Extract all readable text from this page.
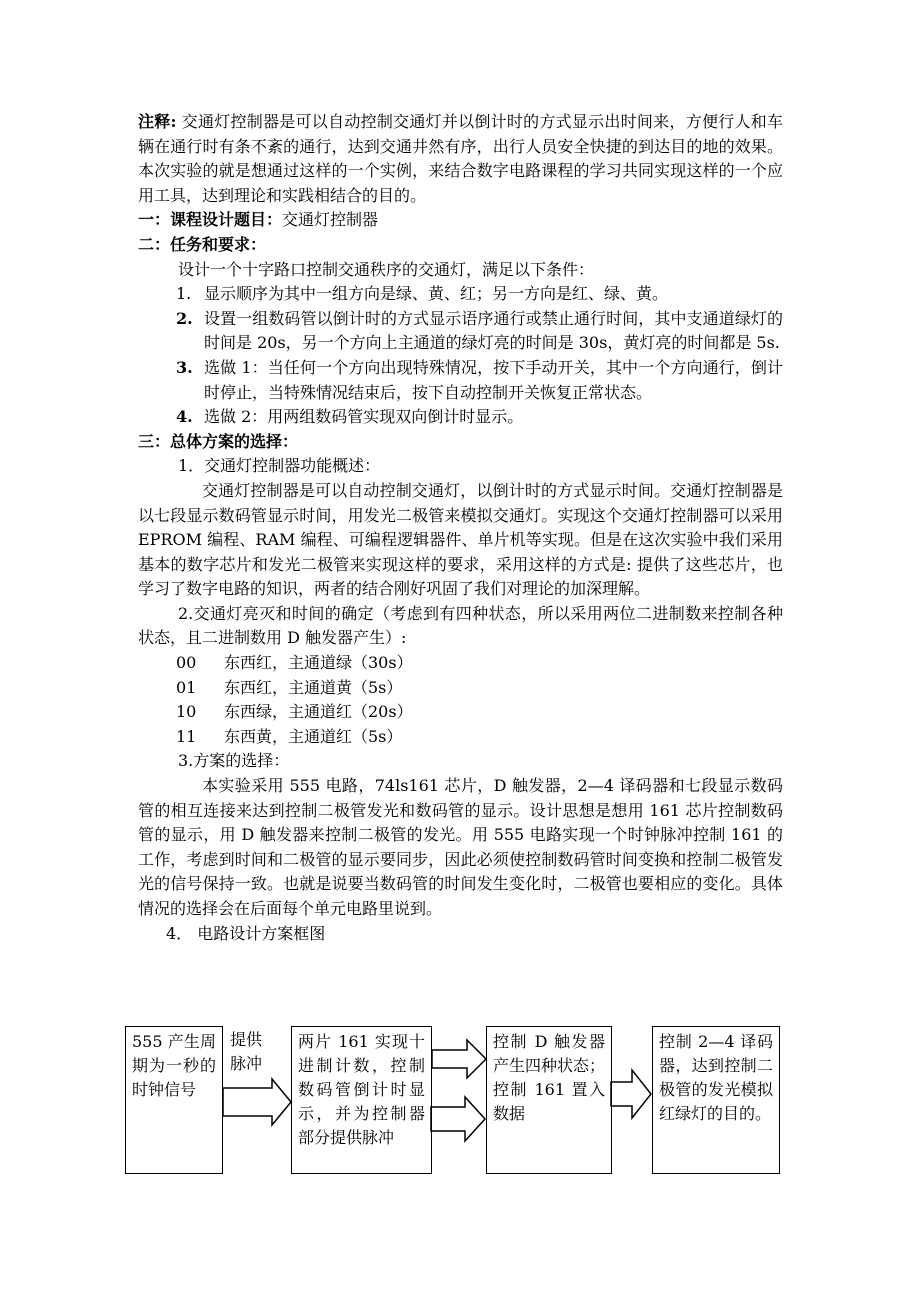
注释: 交通灯控制器是可以自动控制交通灯并以倒计时的方式显示出时间来，方便行人和车辆在通行时有条不紊的通行，达到交通井然有序，出行人员安全快捷的到达目的地的效果。本次实验的就是想通过这样的一个实例，来结合数字电路课程的学习共同实现这样的一个应用工具，达到理论和实践相结合的目的。

一：课程设计题目：交通灯控制器

二：任务和要求：

设计一个十字路口控制交通秩序的交通灯，满足以下条件：

1. 显示顺序为其中一组方向是绿、黄、红；另一方向是红、绿、黄。
2. 设置一组数码管以倒计时的方式显示语序通行或禁止通行时间，其中支通道绿灯的时间是 20s，另一个方向上主通道的绿灯亮的时间是 30s，黄灯亮的时间都是 5s.
3. 选做 1：当任何一个方向出现特殊情况，按下手动开关，其中一个方向通行，倒计时停止，当特殊情况结束后，按下自动控制开关恢复正常状态。
4. 选做 2：用两组数码管实现双向倒计时显示。

三：总体方案的选择：

1．交通灯控制器功能概述：

交通灯控制器是可以自动控制交通灯，以倒计时的方式显示时间。交通灯控制器是以七段显示数码管显示时间，用发光二极管来模拟交通灯。实现这个交通灯控制器可以采用 EPROM 编程、RAM 编程、可编程逻辑器件、单片机等实现。但是在这次实验中我们采用基本的数字芯片和发光二极管来实现这样的要求，采用这样的方式是: 提供了这些芯片，也学习了数字电路的知识，两者的结合刚好巩固了我们对理论的加深理解。

2.交通灯亮灭和时间的确定（考虑到有四种状态，所以采用两位二进制数来控制各种状态，且二进制数用 D 触发器产生）:

00	东西红，主通道绿（30s）
01	东西红，主通道黄（5s）
10	东西绿，主通道红（20s）
11	东西黄，主通道红（5s）

3.方案的选择：

本实验采用 555 电路，74ls161 芯片，D 触发器，2—4 译码器和七段显示数码管的相互连接来达到控制二极管发光和数码管的显示。设计思想是想用 161 芯片控制数码管的显示，用 D 触发器来控制二极管的发光。用 555 电路实现一个时钟脉冲控制 161 的工作，考虑到时间和二极管的显示要同步，因此必须使控制数码管时间变换和控制二极管发光的信号保持一致。也就是说要当数码管的时间发生变化时，二极管也要相应的变化。具体情况的选择会在后面每个单元电路里说到。

4． 电路设计方案框图

555 产生周期为一秒的时钟信号
提供脉冲
两片 161 实现十进制计数，控制数码管倒计时显示，并为控制器部分提供脉冲
控制 D 触发器产生四种状态；控制 161 置入数据
控制 2—4 译码器，达到控制二极管的发光模拟红绿灯的目的。
